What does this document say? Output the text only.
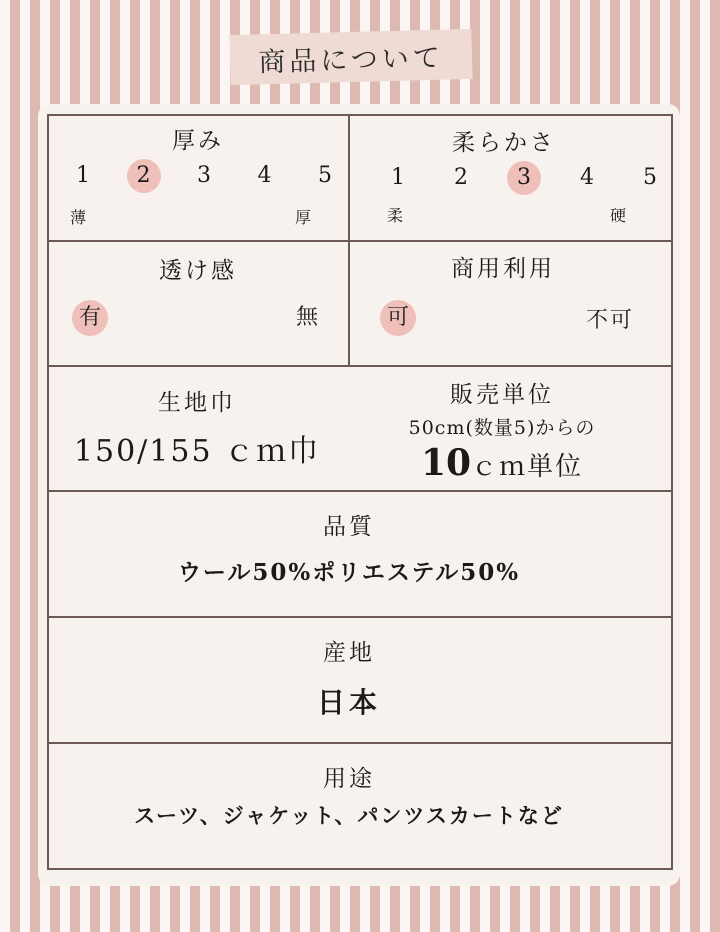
商品について
厚み
1	2	3	4	5
薄	厚
柔らかさ
1	2	3	4	5
柔	硬
透け感
有	無
商用利用
可	不可
生地巾
150/155 ｃｍ巾
販売単位
50cm(数量5)からの
10ｃｍ単位
品質
ウール50%ポリエステル50%
産地
日本
用途
スーツ、ジャケット、パンツスカートなど
